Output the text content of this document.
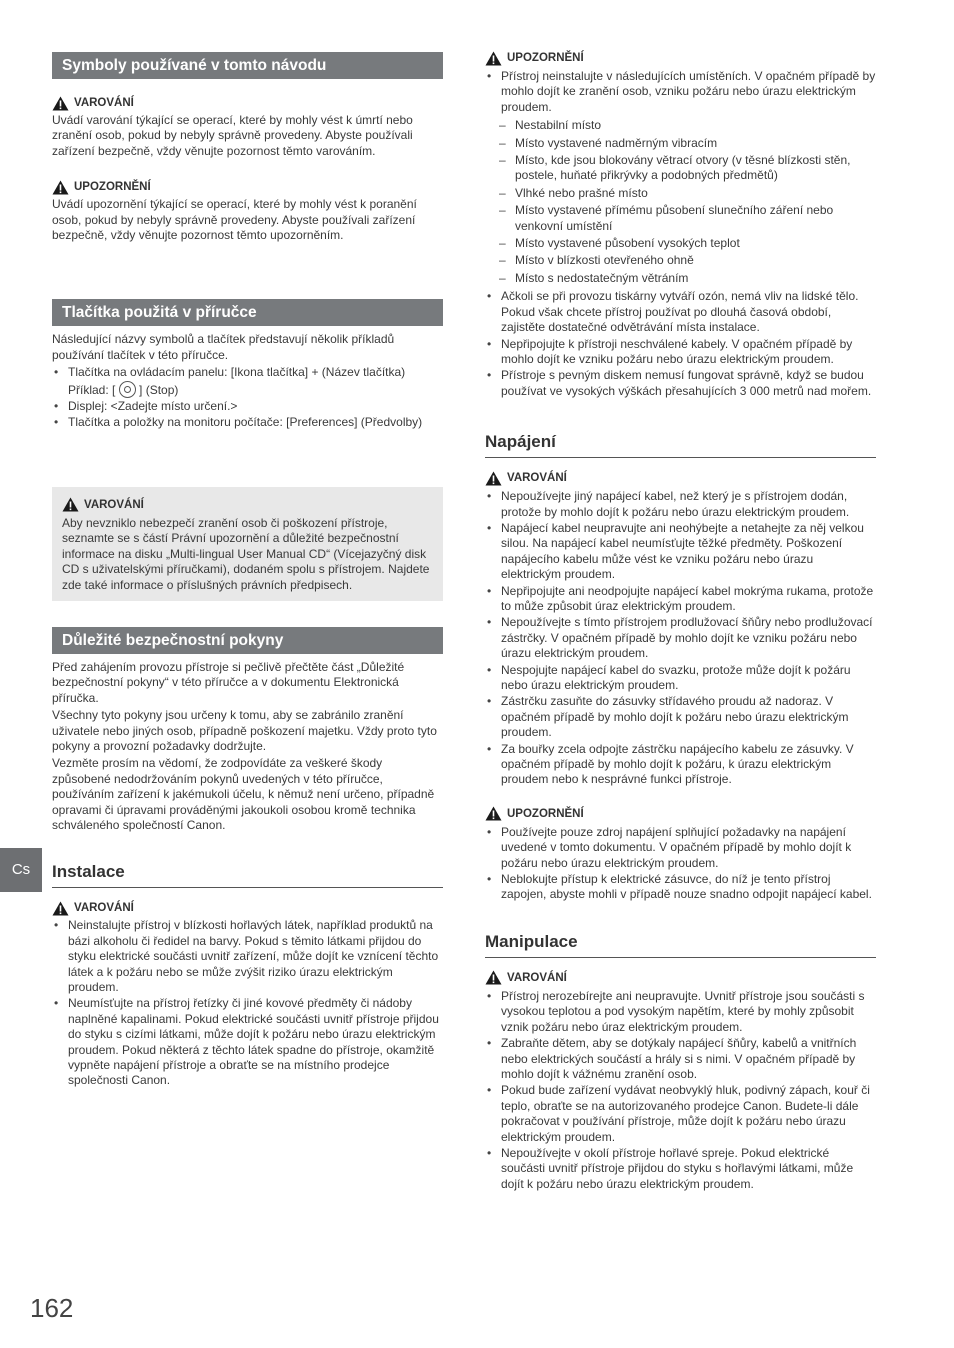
Symboly používané v tomto návodu
VAROVÁNÍ

Uvádí varování týkající se operací, které by mohly vést k úmrtí nebo zranění osob, pokud by nebyly správně provedeny. Abyste používali zařízení bezpečně, vždy věnujte pozornost těmto varováním.

UPOZORNĚNÍ

Uvádí upozornění týkající se operací, které by mohly vést k poranění osob, pokud by nebyly správně provedeny. Abyste používali zařízení bezpečně, vždy věnujte pozornost těmto upozorněním.

Tlačítka použitá v příručce

Následující názvy symbolů a tlačítek představují několik příkladů používání tlačítek v této příručce.

• Tlačítka na ovládacím panelu: [Ikona tlačítka] + (Název tlačítka)
Příklad: [ ] (Stop)
• Displej: <Zadejte místo určení.>
• Tlačítka a položky na monitoru počítače: [Preferences] (Předvolby)
VAROVÁNÍ

Aby nevzniklo nebezpečí zranění osob či poškození přístroje, seznamte se s částí Právní upozornění a důležité bezpečnostní informace na disku „Multi-lingual User Manual CD“ (Vícejazyčný disk CD s uživatelskými příručkami), dodaném spolu s přístrojem. Najdete zde také informace o příslušných právních předpisech.

Důležité bezpečnostní pokyny

Před zahájením provozu přístroje si pečlivě přečtěte část „Důležité bezpečnostní pokyny“ v této příručce a v dokumentu Elektronická příručka.

Všechny tyto pokyny jsou určeny k tomu, aby se zabránilo zranění uživatele nebo jiných osob, případně poškození majetku. Vždy proto tyto pokyny a provozní požadavky dodržujte.

Vezměte prosím na vědomí, že zodpovídáte za veškeré škody způsobené nedodržováním pokynů uvedených v této příručce, používáním zařízení k jakémukoli účelu, k němuž není určeno, případně opravami či úpravami prováděnými jakoukoli osobou kromě technika schváleného společností Canon.

Instalace
VAROVÁNÍ
• Neinstalujte přístroj v blízkosti hořlavých látek, například produktů na bázi alkoholu či ředidel na barvy. Pokud s těmito látkami přijdou do styku elektrické součásti uvnitř zařízení, může dojít ke vznícení těchto látek a k požáru nebo se může zvýšit riziko úrazu elektrickým proudem.
• Neumísťujte na přístroj řetízky či jiné kovové předměty či nádoby naplněné kapalinami. Pokud elektrické součásti uvnitř přístroje přijdou do styku s cizími látkami, může dojít k požáru nebo úrazu elektrickým proudem. Pokud některá z těchto látek spadne do přístroje, okamžitě vypněte napájení přístroje a obraťte se na místního prodejce společnosti Canon.
UPOZORNĚNÍ
• Přístroj neinstalujte v následujících umístěních. V opačném případě by mohlo dojít ke zranění osob, vzniku požáru nebo úrazu elektrickým proudem.
– Nestabilní místo
– Místo vystavené nadměrným vibracím
– Místo, kde jsou blokovány větrací otvory (v těsné blízkosti stěn, postele, huňaté přikrývky a podobných předmětů)
– Vlhké nebo prašné místo
– Místo vystavené přímému působení slunečního záření nebo venkovní umístění
– Místo vystavené působení vysokých teplot
– Místo v blízkosti otevřeného ohně
– Místo s nedostatečným větráním
• Ačkoli se při provozu tiskárny vytváří ozón, nemá vliv na lidské tělo. Pokud však chcete přístroj používat po dlouhá časová období, zajistěte dostatečné odvětrávání místa instalace.
• Nepřipojujte k přístroji neschválené kabely. V opačném případě by mohlo dojít ke vzniku požáru nebo úrazu elektrickým proudem.
• Přístroje s pevným diskem nemusí fungovat správně, když se budou používat ve vysokých výškách přesahujících 3 000 metrů nad mořem.
Napájení
VAROVÁNÍ
• Nepoužívejte jiný napájecí kabel, než který je s přístrojem dodán, protože by mohlo dojít k požáru nebo úrazu elektrickým proudem.
• Napájecí kabel neupravujte ani neohýbejte a netahejte za něj velkou silou. Na napájecí kabel neumísťujte těžké předměty. Poškození napájecího kabelu může vést ke vzniku požáru nebo úrazu elektrickým proudem.
• Nepřipojujte ani neodpojujte napájecí kabel mokrýma rukama, protože to může způsobit úraz elektrickým proudem.
• Nepoužívejte s tímto přístrojem prodlužovací šňůry nebo prodlužovací zástrčky. V opačném případě by mohlo dojít ke vzniku požáru nebo úrazu elektrickým proudem.
• Nespojujte napájecí kabel do svazku, protože může dojít k požáru nebo úrazu elektrickým proudem.
• Zástrčku zasuňte do zásuvky střídavého proudu až nadoraz. V opačném případě by mohlo dojít k požáru nebo úrazu elektrickým proudem.
• Za bouřky zcela odpojte zástrčku napájecího kabelu ze zásuvky. V opačném případě by mohlo dojít k požáru, k úrazu elektrickým proudem nebo k nesprávné funkci přístroje.
UPOZORNĚNÍ
• Používejte pouze zdroj napájení splňující požadavky na napájení uvedené v tomto dokumentu. V opačném případě by mohlo dojít k požáru nebo úrazu elektrickým proudem.
• Neblokujte přístup k elektrické zásuvce, do níž je tento přístroj zapojen, abyste mohli v případě nouze snadno odpojit napájecí kabel.
Manipulace
VAROVÁNÍ
• Přístroj nerozebírejte ani neupravujte. Uvnitř přístroje jsou součásti s vysokou teplotou a pod vysokým napětím, které by mohly způsobit vznik požáru nebo úraz elektrickým proudem.
• Zabraňte dětem, aby se dotýkaly napájecí šňůry, kabelů a vnitřních nebo elektrických součástí a hrály si s nimi. V opačném případě by mohlo dojít k vážnému zranění osob.
• Pokud bude zařízení vydávat neobvyklý hluk, podivný zápach, kouř či teplo, obraťte se na autorizovaného prodejce Canon. Budete-li dále pokračovat v používání přístroje, může dojít k požáru nebo úrazu elektrickým proudem.
• Nepoužívejte v okolí přístroje hořlavé spreje. Pokud elektrické součásti uvnitř přístroje přijdou do styku s hořlavými látkami, může dojít k požáru nebo úrazu elektrickým proudem.
Cs
162
